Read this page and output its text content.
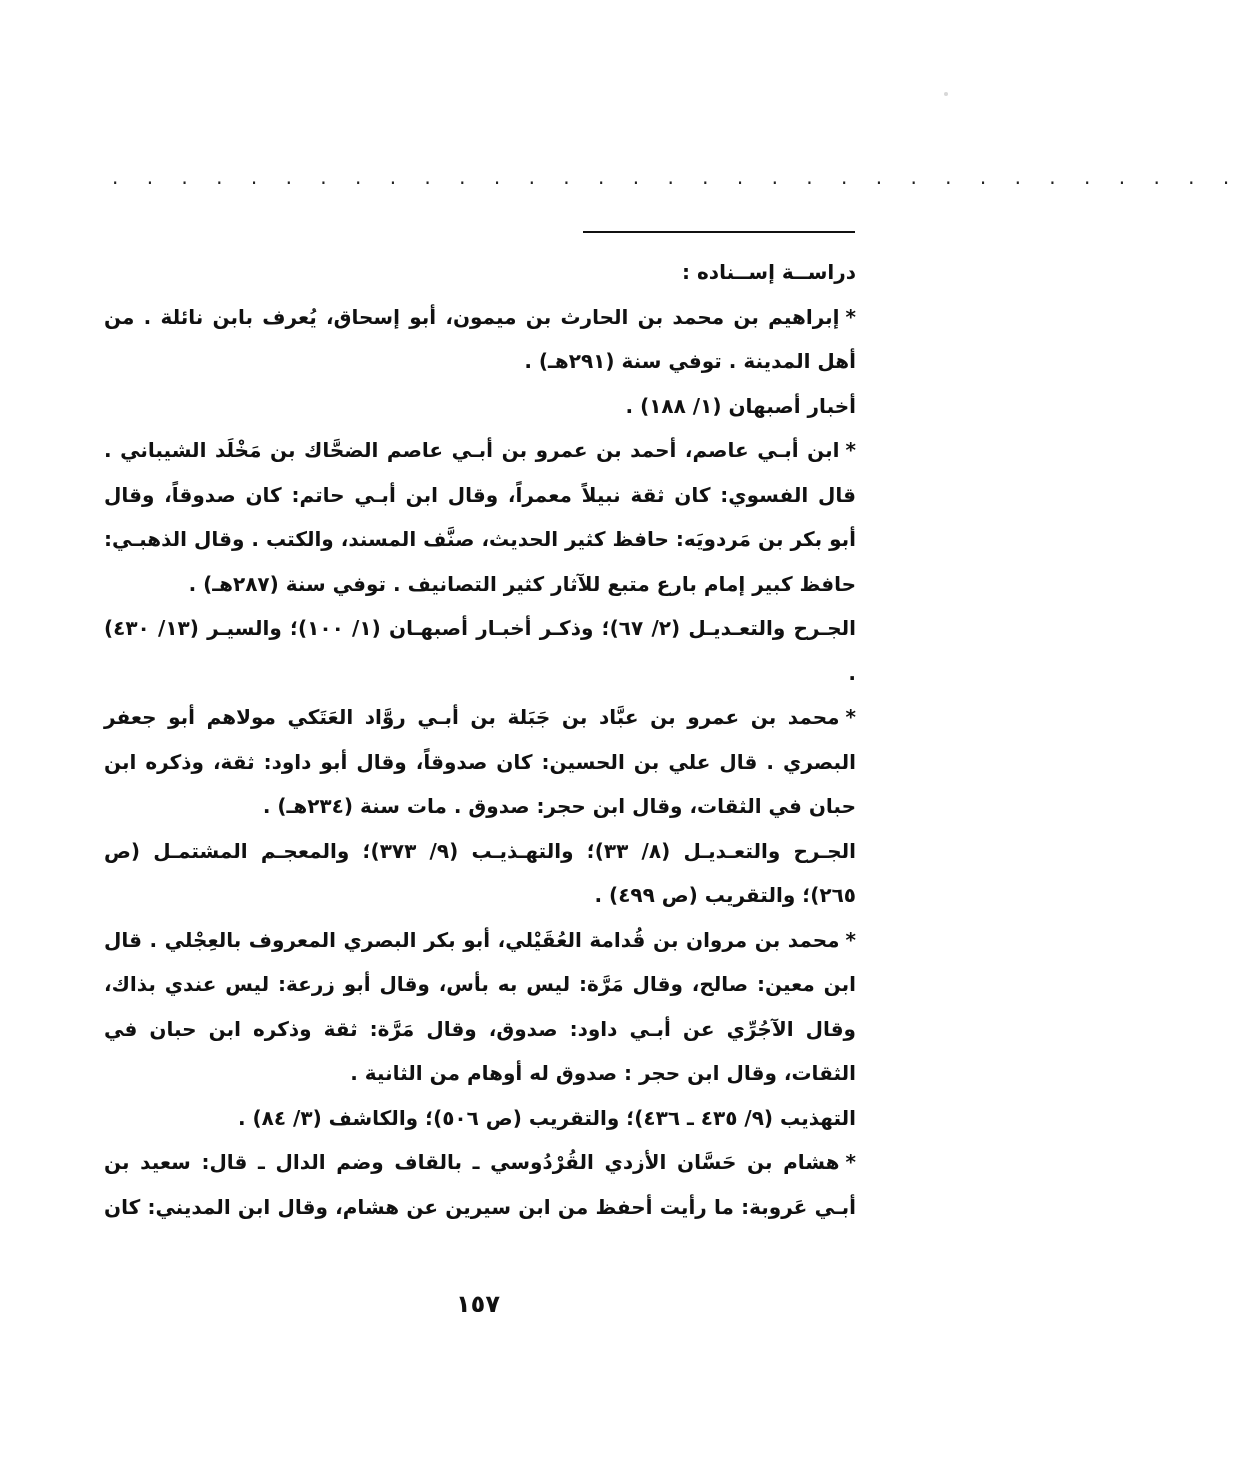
. . . . . . . . . . . . . . . . . . . . . . . . . . . . . . . . .

دراســة إســناده :

*إبراهيم بن محمد بن الحارث بن ميمون، أبو إسحاق، يُعرف بابن نائلة . من أهل المدينة . توفي سنة (٢٩١هـ) .

أخبار أصبهان (١/ ١٨٨) .

*ابن أبـي عاصم، أحمد بن عمرو بن أبـي عاصم الضحَّاك بن مَخْلَد الشيباني . قال الفسوي: كان ثقة نبيلاً معمراً، وقال ابن أبـي حاتم: كان صدوقاً، وقال أبو بكر بن مَردويَه: حافظ كثير الحديث، صنَّف المسند، والكتب . وقال الذهبـي: حافظ كبير إمام بارع متبع للآثار كثير التصانيف . توفي سنة (٢٨٧هـ) .

الجـرح والتعـديـل (٢/ ٦٧)؛ وذكـر أخبـار أصبهـان (١/ ١٠٠)؛ والسيـر (١٣/ ٤٣٠) .

*محمد بن عمرو بن عبَّاد بن جَبَلة بن أبـي روَّاد العَتَكي مولاهم أبو جعفر البصري . قال علي بن الحسين: كان صدوقاً، وقال أبو داود: ثقة، وذكره ابن حبان في الثقات، وقال ابن حجر: صدوق . مات سنة (٢٣٤هـ) .

الجـرح والتعـديـل (٨/ ٣٣)؛ والتهـذيـب (٩/ ٣٧٣)؛ والمعجـم المشتمـل (ص ٢٦٥)؛ والتقريب (ص ٤٩٩) .

*محمد بن مروان بن قُدامة العُقَيْلي، أبو بكر البصري المعروف بالعِجْلي . قال ابن معين: صالح، وقال مَرَّة: ليس به بأس، وقال أبو زرعة: ليس عندي بذاك، وقال الآجُرِّي عن أبـي داود: صدوق، وقال مَرَّة: ثقة وذكره ابن حبان في الثقات، وقال ابن حجر : صدوق له أوهام من الثانية .

التهذيب (٩/ ٤٣٥ ـ ٤٣٦)؛ والتقريب (ص ٥٠٦)؛ والكاشف (٣/ ٨٤) .

*هشام بن حَسَّان الأزدي القُرْدُوسي ـ بالقاف وضم الدال ـ قال: سعيد بن أبـي عَروبة: ما رأيت أحفظ من ابن سيرين عن هشام، وقال ابن المديني: كان

١٥٧
